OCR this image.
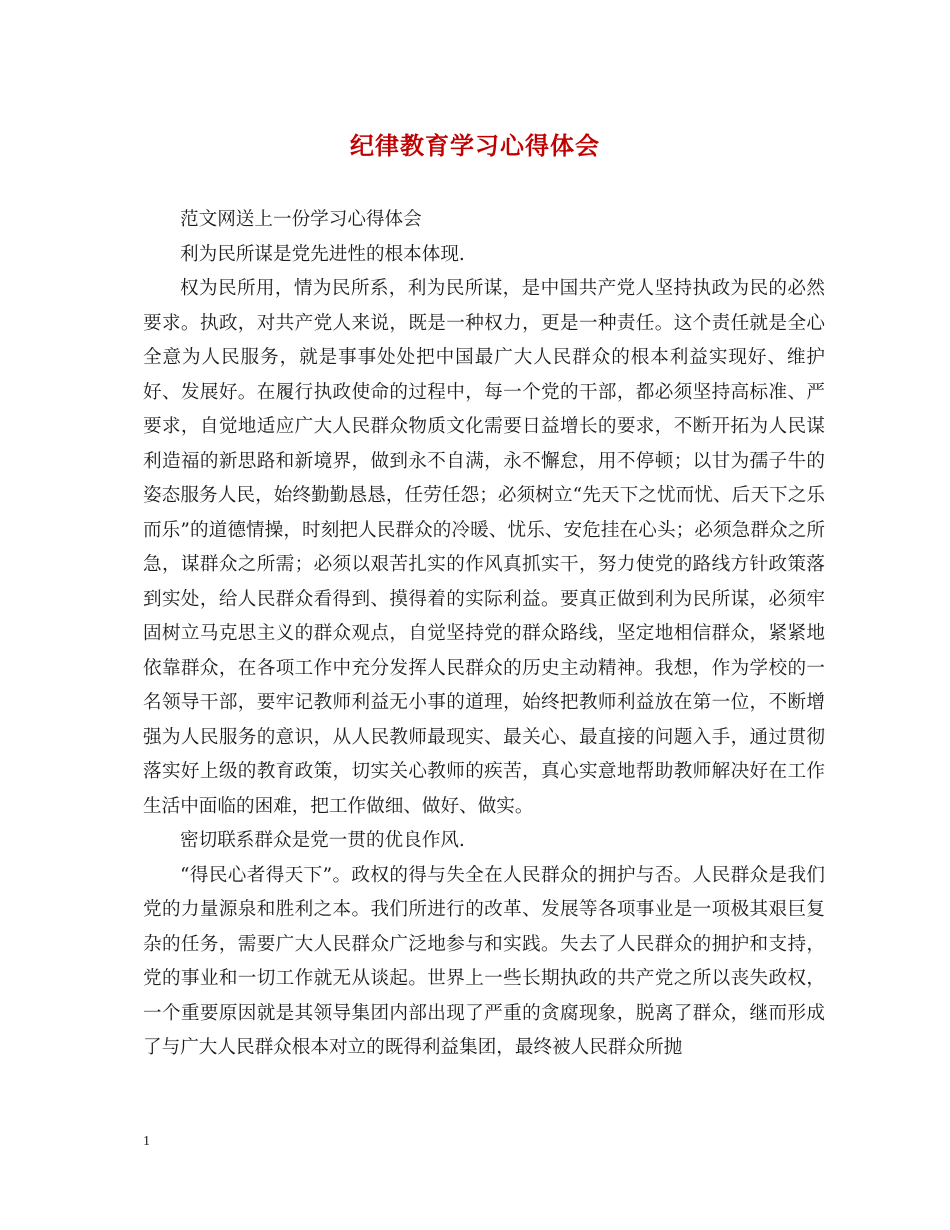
纪律教育学习心得体会

范文网送上一份学习心得体会

利为民所谋是党先进性的根本体现.

权为民所用，情为民所系，利为民所谋，是中国共产党人坚持执政为民的必然要求。执政，对共产党人来说，既是一种权力，更是一种责任。这个责任就是全心全意为人民服务，就是事事处处把中国最广大人民群众的根本利益实现好、维护好、发展好。在履行执政使命的过程中，每一个党的干部，都必须坚持高标准、严要求，自觉地适应广大人民群众物质文化需要日益增长的要求，不断开拓为人民谋利造福的新思路和新境界，做到永不自满，永不懈怠，用不停顿；以甘为孺子牛的姿态服务人民，始终勤勤恳恳，任劳任怨；必须树立“先天下之忧而忧、后天下之乐而乐”的道德情操，时刻把人民群众的冷暖、忧乐、安危挂在心头；必须急群众之所急，谋群众之所需；必须以艰苦扎实的作风真抓实干，努力使党的路线方针政策落到实处，给人民群众看得到、摸得着的实际利益。要真正做到利为民所谋，必须牢固树立马克思主义的群众观点，自觉坚持党的群众路线，坚定地相信群众，紧紧地依靠群众，在各项工作中充分发挥人民群众的历史主动精神。我想，作为学校的一名领导干部，要牢记教师利益无小事的道理，始终把教师利益放在第一位，不断增强为人民服务的意识，从人民教师最现实、最关心、最直接的问题入手，通过贯彻落实好上级的教育政策，切实关心教师的疾苦，真心实意地帮助教师解决好在工作生活中面临的困难，把工作做细、做好、做实。

密切联系群众是党一贯的优良作风.

“得民心者得天下”。政权的得与失全在人民群众的拥护与否。人民群众是我们党的力量源泉和胜利之本。我们所进行的改革、发展等各项事业是一项极其艰巨复杂的任务，需要广大人民群众广泛地参与和实践。失去了人民群众的拥护和支持，党的事业和一切工作就无从谈起。世界上一些长期执政的共产党之所以丧失政权，一个重要原因就是其领导集团内部出现了严重的贪腐现象，脱离了群众，继而形成了与广大人民群众根本对立的既得利益集团，最终被人民群众所抛

1
